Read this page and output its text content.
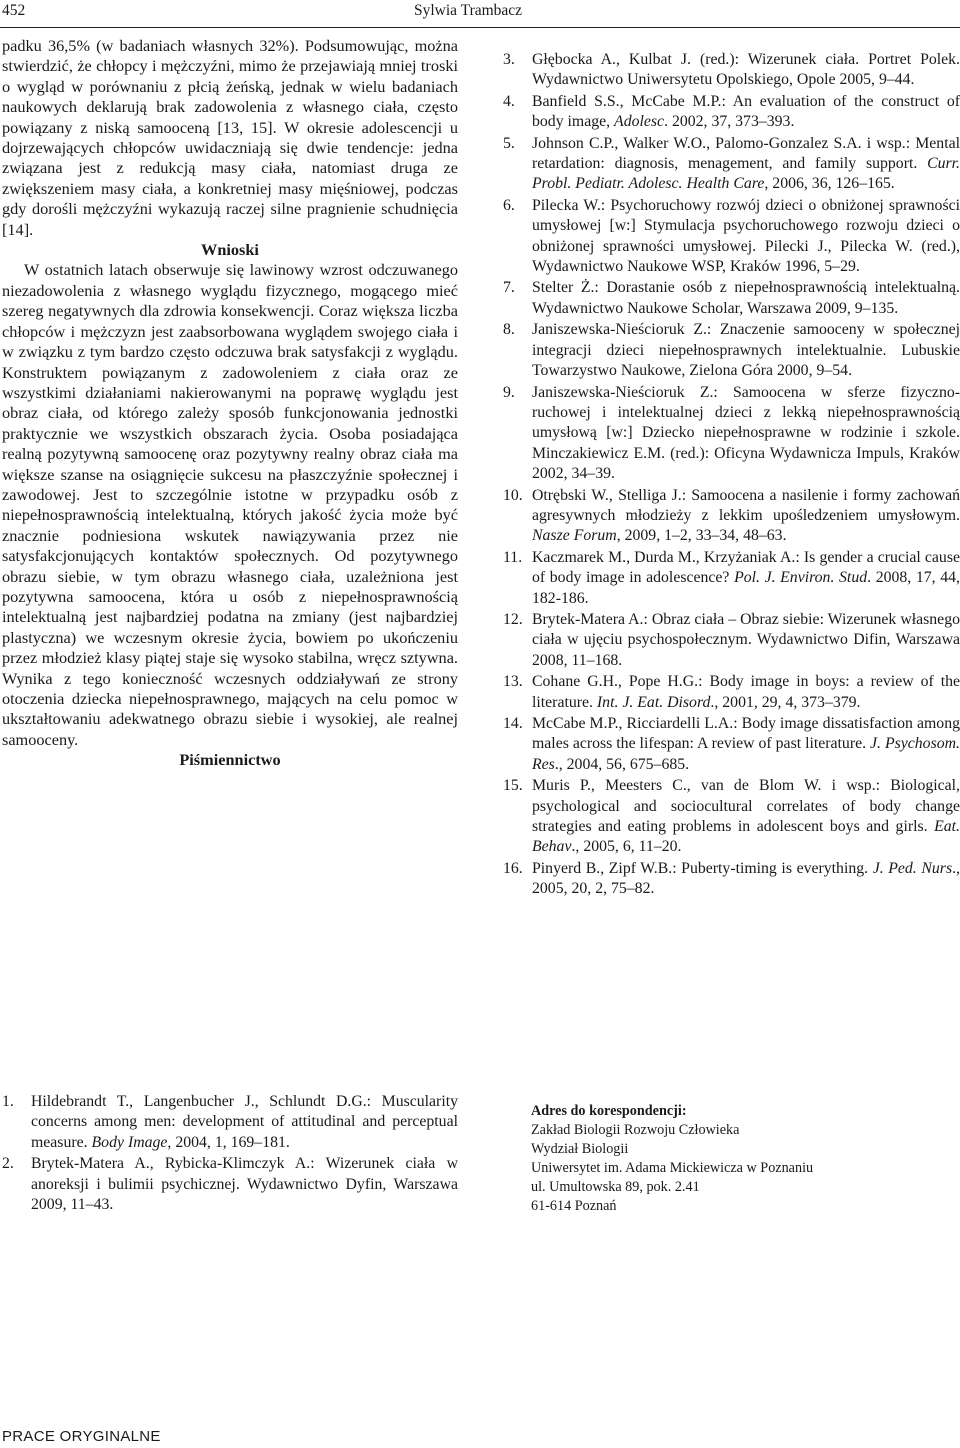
452	Sylwia Trambacz

padku 36,5% (w badaniach własnych 32%). Podsumowując, można stwierdzić, że chłopcy i mężczyźni, mimo że przejawiają mniej troski o wygląd w porównaniu z płcią żeńską, jednak w wielu badaniach naukowych deklarują brak zadowolenia z własnego ciała, często powiązany z niską samooceną [13, 15]. W okresie adolescencji u dojrzewających chłopców uwidaczniają się dwie tendencje: jedna związana jest z redukcją masy ciała, natomiast druga ze zwiększeniem masy ciała, a konkretniej masy mięśniowej, podczas gdy dorośli mężczyźni wykazują raczej silne pragnienie schudnięcia [14].

Wnioski

W ostatnich latach obserwuje się lawinowy wzrost odczuwanego niezadowolenia z własnego wyglądu fizycznego, mogącego mieć szereg negatywnych dla zdrowia konsekwencji. Coraz większa liczba chłopców i mężczyzn jest zaabsorbowana wyglądem swojego ciała i w związku z tym bardzo często odczuwa brak satysfakcji z wyglądu. Konstruktem powiązanym z zadowoleniem z ciała oraz ze wszystkimi działaniami nakierowanymi na poprawę wyglądu jest obraz ciała, od którego zależy sposób funkcjonowania jednostki praktycznie we wszystkich obszarach życia. Osoba posiadająca realną pozytywną samoocenę oraz pozytywny realny obraz ciała ma większe szanse na osiągnięcie sukcesu na płaszczyźnie społecznej i zawodowej. Jest to szczególnie istotne w przypadku osób z niepełnosprawnością intelektualną, których jakość życia może być znacznie podniesiona wskutek nawiązywania przez nie satysfakcjonujących kontaktów społecznych. Od pozytywnego obrazu siebie, w tym obrazu własnego ciała, uzależniona jest pozytywna samoocena, która u osób z niepełnosprawnością intelektualną jest najbardziej podatna na zmiany (jest najbardziej plastyczna) we wczesnym okresie życia, bowiem po ukończeniu przez młodzież klasy piątej staje się wysoko stabilna, wręcz sztywna. Wynika z tego konieczność wczesnych oddziaływań ze strony otoczenia dziecka niepełnosprawnego, mających na celu pomoc w ukształtowaniu adekwatnego obrazu siebie i wysokiej, ale realnej samooceny.

Piśmiennictwo

1. Hildebrandt T., Langenbucher J., Schlundt D.G.: Muscularity concerns among men: development of attitudinal and perceptual measure. Body Image, 2004, 1, 169–181.
2. Brytek-Matera A., Rybicka-Klimczyk A.: Wizerunek ciała w anoreksji i bulimii psychicznej. Wydawnictwo Dyfin, Warszawa 2009, 11–43.
3. Głębocka A., Kulbat J. (red.): Wizerunek ciała. Portret Polek. Wydawnictwo Uniwersytetu Opolskiego, Opole 2005, 9–44.
4. Banfield S.S., McCabe M.P.: An evaluation of the construct of body image, Adolesc. 2002, 37, 373–393.
5. Johnson C.P., Walker W.O., Palomo-Gonzalez S.A. i wsp.: Mental retardation: diagnosis, menagement, and family support. Curr. Probl. Pediatr. Adolesc. Health Care, 2006, 36, 126–165.
6. Pilecka W.: Psychoruchowy rozwój dzieci o obniżonej sprawności umysłowej [w:] Stymulacja psychoruchowego rozwoju dzieci o obniżonej sprawności umysłowej. Pilecki J., Pilecka W. (red.), Wydawnictwo Naukowe WSP, Kraków 1996, 5–29.
7. Stelter Ż.: Dorastanie osób z niepełnosprawnością intelektualną. Wydawnictwo Naukowe Scholar, Warszawa 2009, 9–135.
8. Janiszewska-Nieścioruk Z.: Znaczenie samooceny w społecznej integracji dzieci niepełnosprawnych intelektualnie. Lubuskie Towarzystwo Naukowe, Zielona Góra 2000, 9–54.
9. Janiszewska-Nieścioruk Z.: Samoocena w sferze fizyczno-ruchowej i intelektualnej dzieci z lekką niepełnosprawnością umysłową [w:] Dziecko niepełnosprawne w rodzinie i szkole. Minczakiewicz E.M. (red.): Oficyna Wydawnicza Impuls, Kraków 2002, 34–39.
10. Otrębski W., Stelliga J.: Samoocena a nasilenie i formy zachowań agresywnych młodzieży z lekkim upośledzeniem umysłowym. Nasze Forum, 2009, 1–2, 33–34, 48–63.
11. Kaczmarek M., Durda M., Krzyżaniak A.: Is gender a crucial cause of body image in adolescence? Pol. J. Environ. Stud. 2008, 17, 44, 182-186.
12. Brytek-Matera A.: Obraz ciała – Obraz siebie: Wizerunek własnego ciała w ujęciu psychospołecznym. Wydawnictwo Difin, Warszawa 2008, 11–168.
13. Cohane G.H., Pope H.G.: Body image in boys: a review of the literature. Int. J. Eat. Disord., 2001, 29, 4, 373–379.
14. McCabe M.P., Ricciardelli L.A.: Body image dissatisfaction among males across the lifespan: A review of past literature. J. Psychosom. Res., 2004, 56, 675–685.
15. Muris P., Meesters C., van de Blom W. i wsp.: Biological, psychological and sociocultural correlates of body change strategies and eating problems in adolescent boys and girls. Eat. Behav., 2005, 6, 11–20.
16. Pinyerd B., Zipf W.B.: Puberty-timing is everything. J. Ped. Nurs., 2005, 20, 2, 75–82.
Adres do korespondencji:
Zakład Biologii Rozwoju Człowieka
Wydział Biologii
Uniwersytet im. Adama Mickiewicza w Poznaniu
ul. Umultowska 89, pok. 2.41
61-614 Poznań
PRACE ORYGINALNE
